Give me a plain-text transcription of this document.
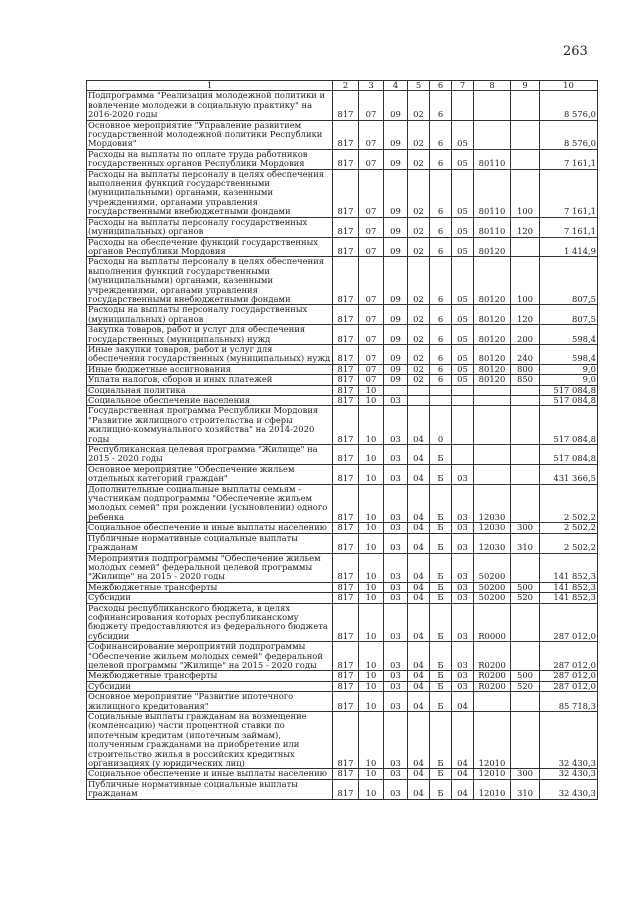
263
1	2	3	4	5	6	7	8	9	10
Подпрограмма "Реализация молодежной политики и вовлечение молодежи в социальную практику" на 2016-2020 годы	817	07	09	02	6				8 576,0
Основное мероприятие "Управление развитием государственной молодежной политики Республики Мордовия"	817	07	09	02	6	05			8 576,0
Расходы на выплаты по оплате труда работников государственных органов Республики Мордовия	817	07	09	02	6	05	80110		7 161,1
Расходы на выплаты персоналу в целях обеспечения выполнения функций государственными (муниципальными) органами, казенными учреждениями, органами управления государственными внебюджетными фондами	817	07	09	02	6	05	80110	100	7 161,1
Расходы на выплаты персоналу государственных (муниципальных) органов	817	07	09	02	6	05	80110	120	7 161,1
Расходы на обеспечение функций государственных органов Республики Мордовия	817	07	09	02	6	05	80120		1 414,9
Расходы на выплаты персоналу в целях обеспечения выполнения функций государственными (муниципальными) органами, казенными учреждениями, органами управления государственными внебюджетными фондами	817	07	09	02	6	05	80120	100	807,5
Расходы на выплаты персоналу государственных (муниципальных) органов	817	07	09	02	6	05	80120	120	807,5
Закупка товаров, работ и услуг для обеспечения государственных (муниципальных) нужд	817	07	09	02	6	05	80120	200	598,4
Иные закупки товаров, работ и услуг для обеспечения государственных (муниципальных) нужд	817	07	09	02	6	05	80120	240	598,4
Иные бюджетные ассигнования	817	07	09	02	6	05	80120	800	9,0
Уплата налогов, сборов и иных платежей	817	07	09	02	6	05	80120	850	9,0
Социальная политика	817	10							517 084,8
Социальное обеспечение населения	817	10	03						517 084,8
Государственная программа Республики Мордовия "Развитие жилищного строительства и сферы жилищно-коммунального хозяйства" на 2014-2020 годы	817	10	03	04	0				517 084,8
Республиканская целевая программа "Жилище" на 2015 - 2020 годы	817	10	03	04	Б				517 084,8
Основное мероприятие "Обеспечение жильем отдельных категорий граждан"	817	10	03	04	Б	03			431 366,5
Дополнительные социальные выплаты семьям - участникам подпрограммы "Обеспечение жильем молодых семей" при рождении (усыновлении) одного ребенка	817	10	03	04	Б	03	12030		2 502,2
Социальное обеспечение и иные выплаты населению	817	10	03	04	Б	03	12030	300	2 502,2
Публичные нормативные социальные выплаты гражданам	817	10	03	04	Б	03	12030	310	2 502,2
Мероприятия подпрограммы "Обеспечение жильем молодых семей" федеральной целевой программы "Жилище" на 2015 - 2020 годы	817	10	03	04	Б	03	50200		141 852,3
Межбюджетные трансферты	817	10	03	04	Б	03	50200	500	141 852,3
Субсидии	817	10	03	04	Б	03	50200	520	141 852,3
Расходы республиканского бюджета, в целях софинансирования которых республиканскому бюджету предоставляются из федерального бюджета субсидии	817	10	03	04	Б	03	R0000		287 012,0
Софинансирование мероприятий подпрограммы "Обеспечение жильем молодых семей" федеральной целевой программы "Жилище" на 2015 - 2020 годы	817	10	03	04	Б	03	R0200		287 012,0
Межбюджетные трансферты	817	10	03	04	Б	03	R0200	500	287 012,0
Субсидии	817	10	03	04	Б	03	R0200	520	287 012,0
Основное мероприятие "Развитие ипотечного жилищного кредитования"	817	10	03	04	Б	04			85 718,3
Социальные выплаты гражданам на возмещение (компенсацию) части процентной ставки по ипотечным кредитам (ипотечным займам), полученным гражданами на приобретение или строительство жилья в российских кредитных организациях (у юридических лиц)	817	10	03	04	Б	04	12010		32 430,3
Социальное обеспечение и иные выплаты населению	817	10	03	04	Б	04	12010	300	32 430,3
Публичные нормативные социальные выплаты гражданам	817	10	03	04	Б	04	12010	310	32 430,3
